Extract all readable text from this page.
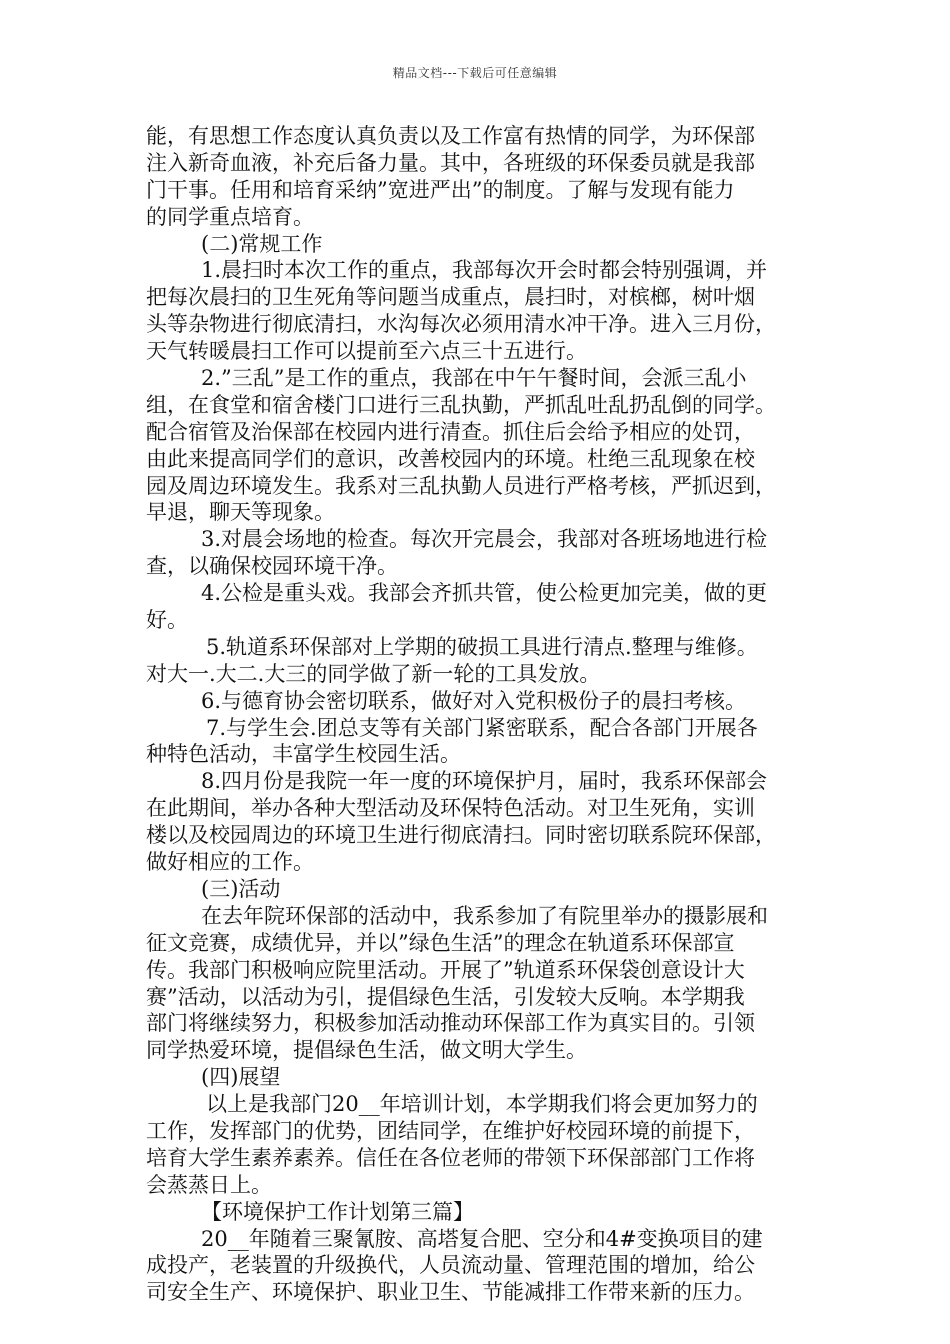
精品文档---下载后可任意编辑
能，有思想工作态度认真负责以及工作富有热情的同学，为环保部
注入新奇血液，补充后备力量。其中，各班级的环保委员就是我部
门干事。任用和培育采纳”宽进严出”的制度。了解与发现有能力
的同学重点培育。
(二)常规工作
1.晨扫时本次工作的重点，我部每次开会时都会特别强调，并
把每次晨扫的卫生死角等问题当成重点，晨扫时，对槟榔，树叶烟
头等杂物进行彻底清扫，水沟每次必须用清水冲干净。进入三月份，
天气转暖晨扫工作可以提前至六点三十五进行。
2.”三乱”是工作的重点，我部在中午午餐时间，会派三乱小
组，在食堂和宿舍楼门口进行三乱执勤，严抓乱吐乱扔乱倒的同学。
配合宿管及治保部在校园内进行清查。抓住后会给予相应的处罚，
由此来提高同学们的意识，改善校园内的环境。杜绝三乱现象在校
园及周边环境发生。我系对三乱执勤人员进行严格考核，严抓迟到，
早退，聊天等现象。
3.对晨会场地的检查。每次开完晨会，我部对各班场地进行检
查，以确保校园环境干净。
4.公检是重头戏。我部会齐抓共管，使公检更加完美，做的更
好。
5.轨道系环保部对上学期的破损工具进行清点.整理与维修。
对大一.大二.大三的同学做了新一轮的工具发放。
6.与德育协会密切联系，做好对入党积极份子的晨扫考核。
7.与学生会.团总支等有关部门紧密联系，配合各部门开展各
种特色活动，丰富学生校园生活。
8.四月份是我院一年一度的环境保护月，届时，我系环保部会
在此期间，举办各种大型活动及环保特色活动。对卫生死角，实训
楼以及校园周边的环境卫生进行彻底清扫。同时密切联系院环保部，
做好相应的工作。
(三)活动
在去年院环保部的活动中，我系参加了有院里举办的摄影展和
征文竞赛，成绩优异，并以”绿色生活”的理念在轨道系环保部宣
传。我部门积极响应院里活动。开展了”轨道系环保袋创意设计大
赛”活动，以活动为引，提倡绿色生活，引发较大反响。本学期我
部门将继续努力，积极参加活动推动环保部工作为真实目的。引领
同学热爱环境，提倡绿色生活，做文明大学生。
(四)展望
以上是我部门20__年培训计划，本学期我们将会更加努力的
工作，发挥部门的优势，团结同学，在维护好校园环境的前提下，
培育大学生素养素养。信任在各位老师的带领下环保部部门工作将
会蒸蒸日上。
【环境保护工作计划第三篇】
20__年随着三聚氰胺、高塔复合肥、空分和4#变换项目的建
成投产，老装置的升级换代，人员流动量、管理范围的增加，给公
司安全生产、环境保护、职业卫生、节能减排工作带来新的压力。
